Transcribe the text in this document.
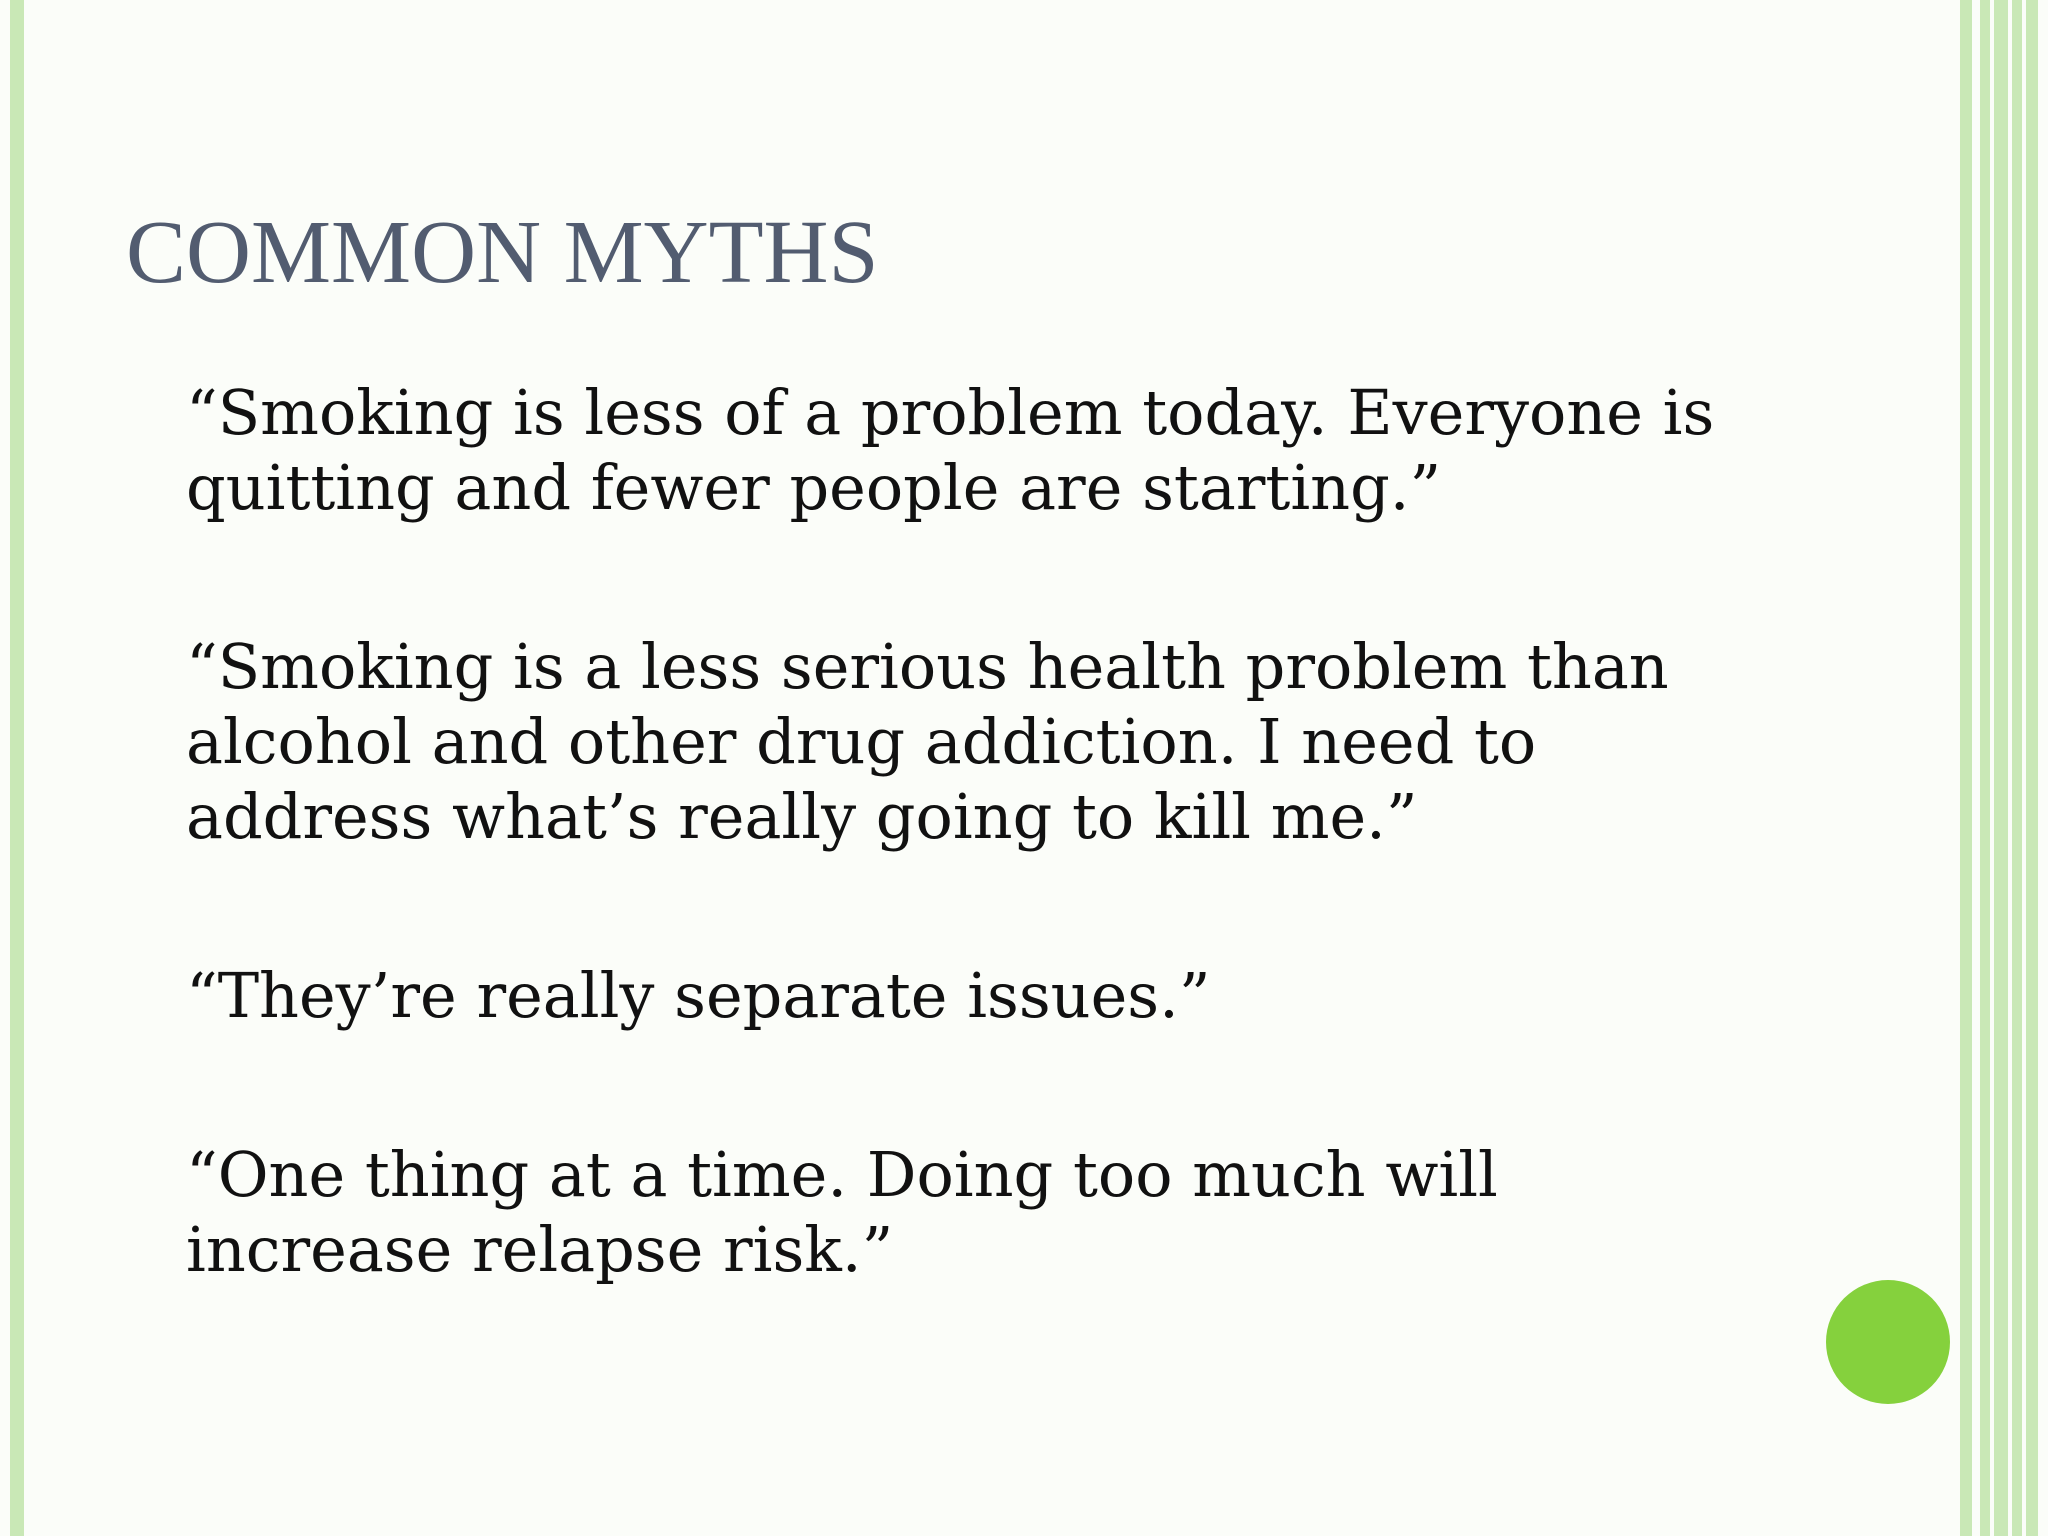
COMMON MYTHS

“Smoking is less of a problem today. Everyone is
quitting and fewer people are starting.”

“Smoking is a less serious health problem than
alcohol and other drug addiction. I need to
address what’s really going to kill me.”

“They’re really separate issues.”

“One thing at a time. Doing too much will
increase relapse risk.”
